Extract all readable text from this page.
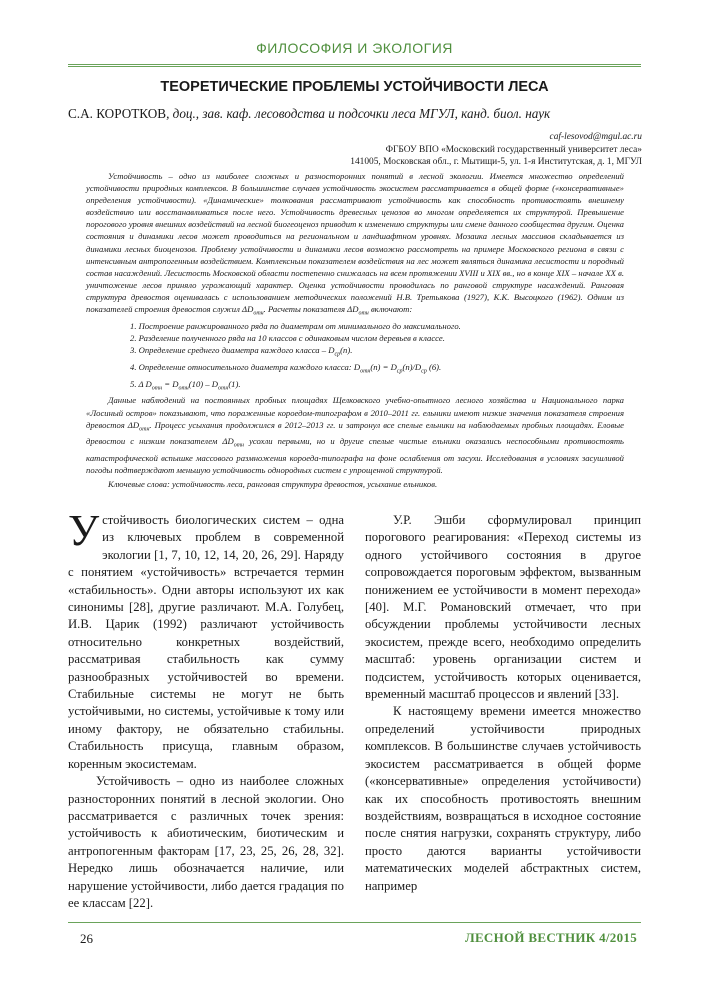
ФИЛОСОФИЯ И ЭКОЛОГИЯ
ТЕОРЕТИЧЕСКИЕ ПРОБЛЕМЫ УСТОЙЧИВОСТИ ЛЕСА
С.А. КОРОТКОВ, доц., зав. каф. лесоводства и подсочки леса МГУЛ, канд. биол. наук
caf-lesovod@mgul.ac.ru
ФГБОУ ВПО «Московский государственный университет леса»
141005, Московская обл., г. Мытищи-5, ул. 1-я Институтская, д. 1, МГУЛ

Устойчивость – одно из наиболее сложных и разносторонних понятий в лесной экологии. Имеется множество определений устойчивости природных комплексов. В большинстве случаев устойчивость экосистем рассматривается в общей форме («консервативные» определения устойчивости). «Динамические» толкования рассматривают устойчивость как способность противостоять внешнему воздействию или восстанавливаться после него. Устойчивость древесных ценозов во многом определяется их структурой. Превышение порогового уровня внешних воздействий на лесной биогеоценоз приводит к изменению структуры или смене данного сообщества другим. Оценка состояния и динамики лесов может проводиться на региональном и ландшафтном уровнях. Мозаика лесных массивов складывается из динамики лесных биоценозов. Проблему устойчивости и динамики лесов возможно рассмотреть на примере Московского региона в связи с интенсивным антропогенным воздействием. Комплексным показателем воздействия на лес может являться динамика лесистости и породный состав насаждений. Лесистость Московской области постепенно снижалась на всем протяжении XVIII и XIX вв., но в конце XIX – начале XX в. уничтожение лесов приняло угрожающий характер. Оценка устойчивости проводилась по ранговой структуре насаждений. Ранговая структура древостоя оценивалась с использованием методических положений Н.В. Третьякова (1927), К.К. Высоцкого (1962). Одним из показателей строения древостоя служил $\Delta D_{отн}$. Расчеты показателя $\Delta D_{отн}$ включают:

1. Построение ранжированного ряда по диаметрам от минимального до максимального.

2. Разделение полученного ряда на 10 классов с одинаковым числом деревьев в классе.

3. Определение среднего диаметра каждого класса – $D_{ср}(n)$.

4. Определение относительного диаметра каждого класса: $D_{отн}(n) = D_{ср}(n)/D_{ср}$ (6).

5. Δ $D_{отн} = D_{отн}(10) - D_{отн}(1)$.

Данные наблюдений на постоянных пробных площадях Щелковского учебно-опытного лесного хозяйства и Национального парка «Лосиный остров» показывают, что пораженные короедом-типографом в 2010–2011 гг. ельники имеют низкие значения показателя строения древостоя $\Delta D_{отн}$. Процесс усыхания продолжился в 2012–2013 гг. и затронул все спелые ельники на наблюдаемых пробных площадях. Еловые древостои с низким показателем $\Delta D_{отн}$ усохли первыми, но и другие спелые чистые ельники оказались неспособными противостоять катастрофической вспышке массового размножения короеда-типографа на фоне ослабления от засухи. Исследования в условиях засушливой погоды подтверждают меньшую устойчивость однородных систем с упрощенной структурой.

Ключевые слова: устойчивость леса, ранговая структура древостоя, усыхание ельников.

Устойчивость биологических систем – одна из ключевых проблем в современной экологии [1, 7, 10, 12, 14, 20, 26, 29]. Наряду с понятием «устойчивость» встречается термин «стабильность». Одни авторы используют их как синонимы [28], другие различают. М.А. Голубец, И.В. Царик (1992) различают устойчивость относительно конкретных воздействий, рассматривая стабильность как сумму разнообразных устойчивостей во времени. Стабильные системы не могут не быть устойчивыми, но системы, устойчивые к тому или иному фактору, не обязательно стабильны. Стабильность присуща, главным образом, коренным экосистемам.

Устойчивость – одно из наиболее сложных разносторонних понятий в лесной экологии. Оно рассматривается с различных точек зрения: устойчивость к абиотическим, биотическим и антропогенным факторам [17, 23, 25, 26, 28, 32]. Нередко лишь обозначается наличие, или нарушение устойчивости, либо дается градация по ее классам [22].

У.Р. Эшби сформулировал принцип порогового реагирования: «Переход системы из одного устойчивого состояния в другое сопровождается пороговым эффектом, вызванным понижением ее устойчивости в момент перехода» [40]. М.Г. Романовский отмечает, что при обсуждении проблемы устойчивости лесных экосистем, прежде всего, необходимо определить масштаб: уровень организации систем и подсистем, устойчивость которых оценивается, временный масштаб процессов и явлений [33].

К настоящему времени имеется множество определений устойчивости природных комплексов. В большинстве случаев устойчивость экосистем рассматривается в общей форме («консервативные» определения устойчивости) как их способность противостоять внешним воздействиям, возвращаться в исходное состояние после снятия нагрузки, сохранять структуру, либо просто даются варианты устойчивости математических моделей абстрактных систем, например

26	ЛЕСНОЙ ВЕСТНИК 4/2015
